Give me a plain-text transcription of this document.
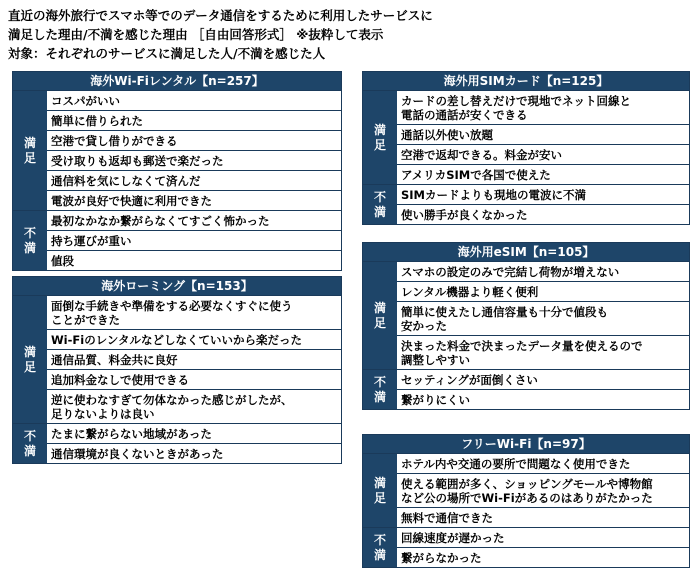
直近の海外旅行でスマホ等でのデータ通信をするために利用したサービスに
満足した理由/不満を感じた理由 ［自由回答形式］ ※抜粋して表示
対象：それぞれのサービスに満足した人/不満を感じた人
海外Wi-Fiレンタル【n=257】
満
足
コスパがいい
簡単に借りられた
空港で貸し借りができる
受け取りも返却も郵送で楽だった
通信料を気にしなくて済んだ
電波が良好で快適に利用できた
不
満
最初なかなか繋がらなくてすごく怖かった
持ち運びが重い
値段
海外ローミング【n=153】
満
足
面倒な手続きや準備をする必要なくすぐに使う
ことができた
Wi-Fiのレンタルなどしなくていいから楽だった
通信品質、料金共に良好
追加料金なしで使用できる
逆に使わなすぎて勿体なかった感じがしたが、
足りないよりは良い
不
満
たまに繋がらない地域があった
通信環境が良くないときがあった
海外用SIMカード【n=125】
満
足
カードの差し替えだけで現地でネット回線と
電話の通話が安くできる
通話以外使い放題
空港で返却できる。料金が安い
アメリカSIMで各国で使えた
不
満
SIMカードよりも現地の電波に不満
使い勝手が良くなかった
海外用eSIM【n=105】
満
足
スマホの設定のみで完結し荷物が増えない
レンタル機器より軽く便利
簡単に使えたし通信容量も十分で値段も
安かった
決まった料金で決まったデータ量を使えるので
調整しやすい
不
満
セッティングが面倒くさい
繋がりにくい
フリーWi-Fi【n=97】
満
足
ホテル内や交通の要所で問題なく使用できた
使える範囲が多く、ショッピングモールや博物館
など公の場所でWi-Fiがあるのはありがたかった
無料で通信できた
不
満
回線速度が遅かった
繋がらなかった
